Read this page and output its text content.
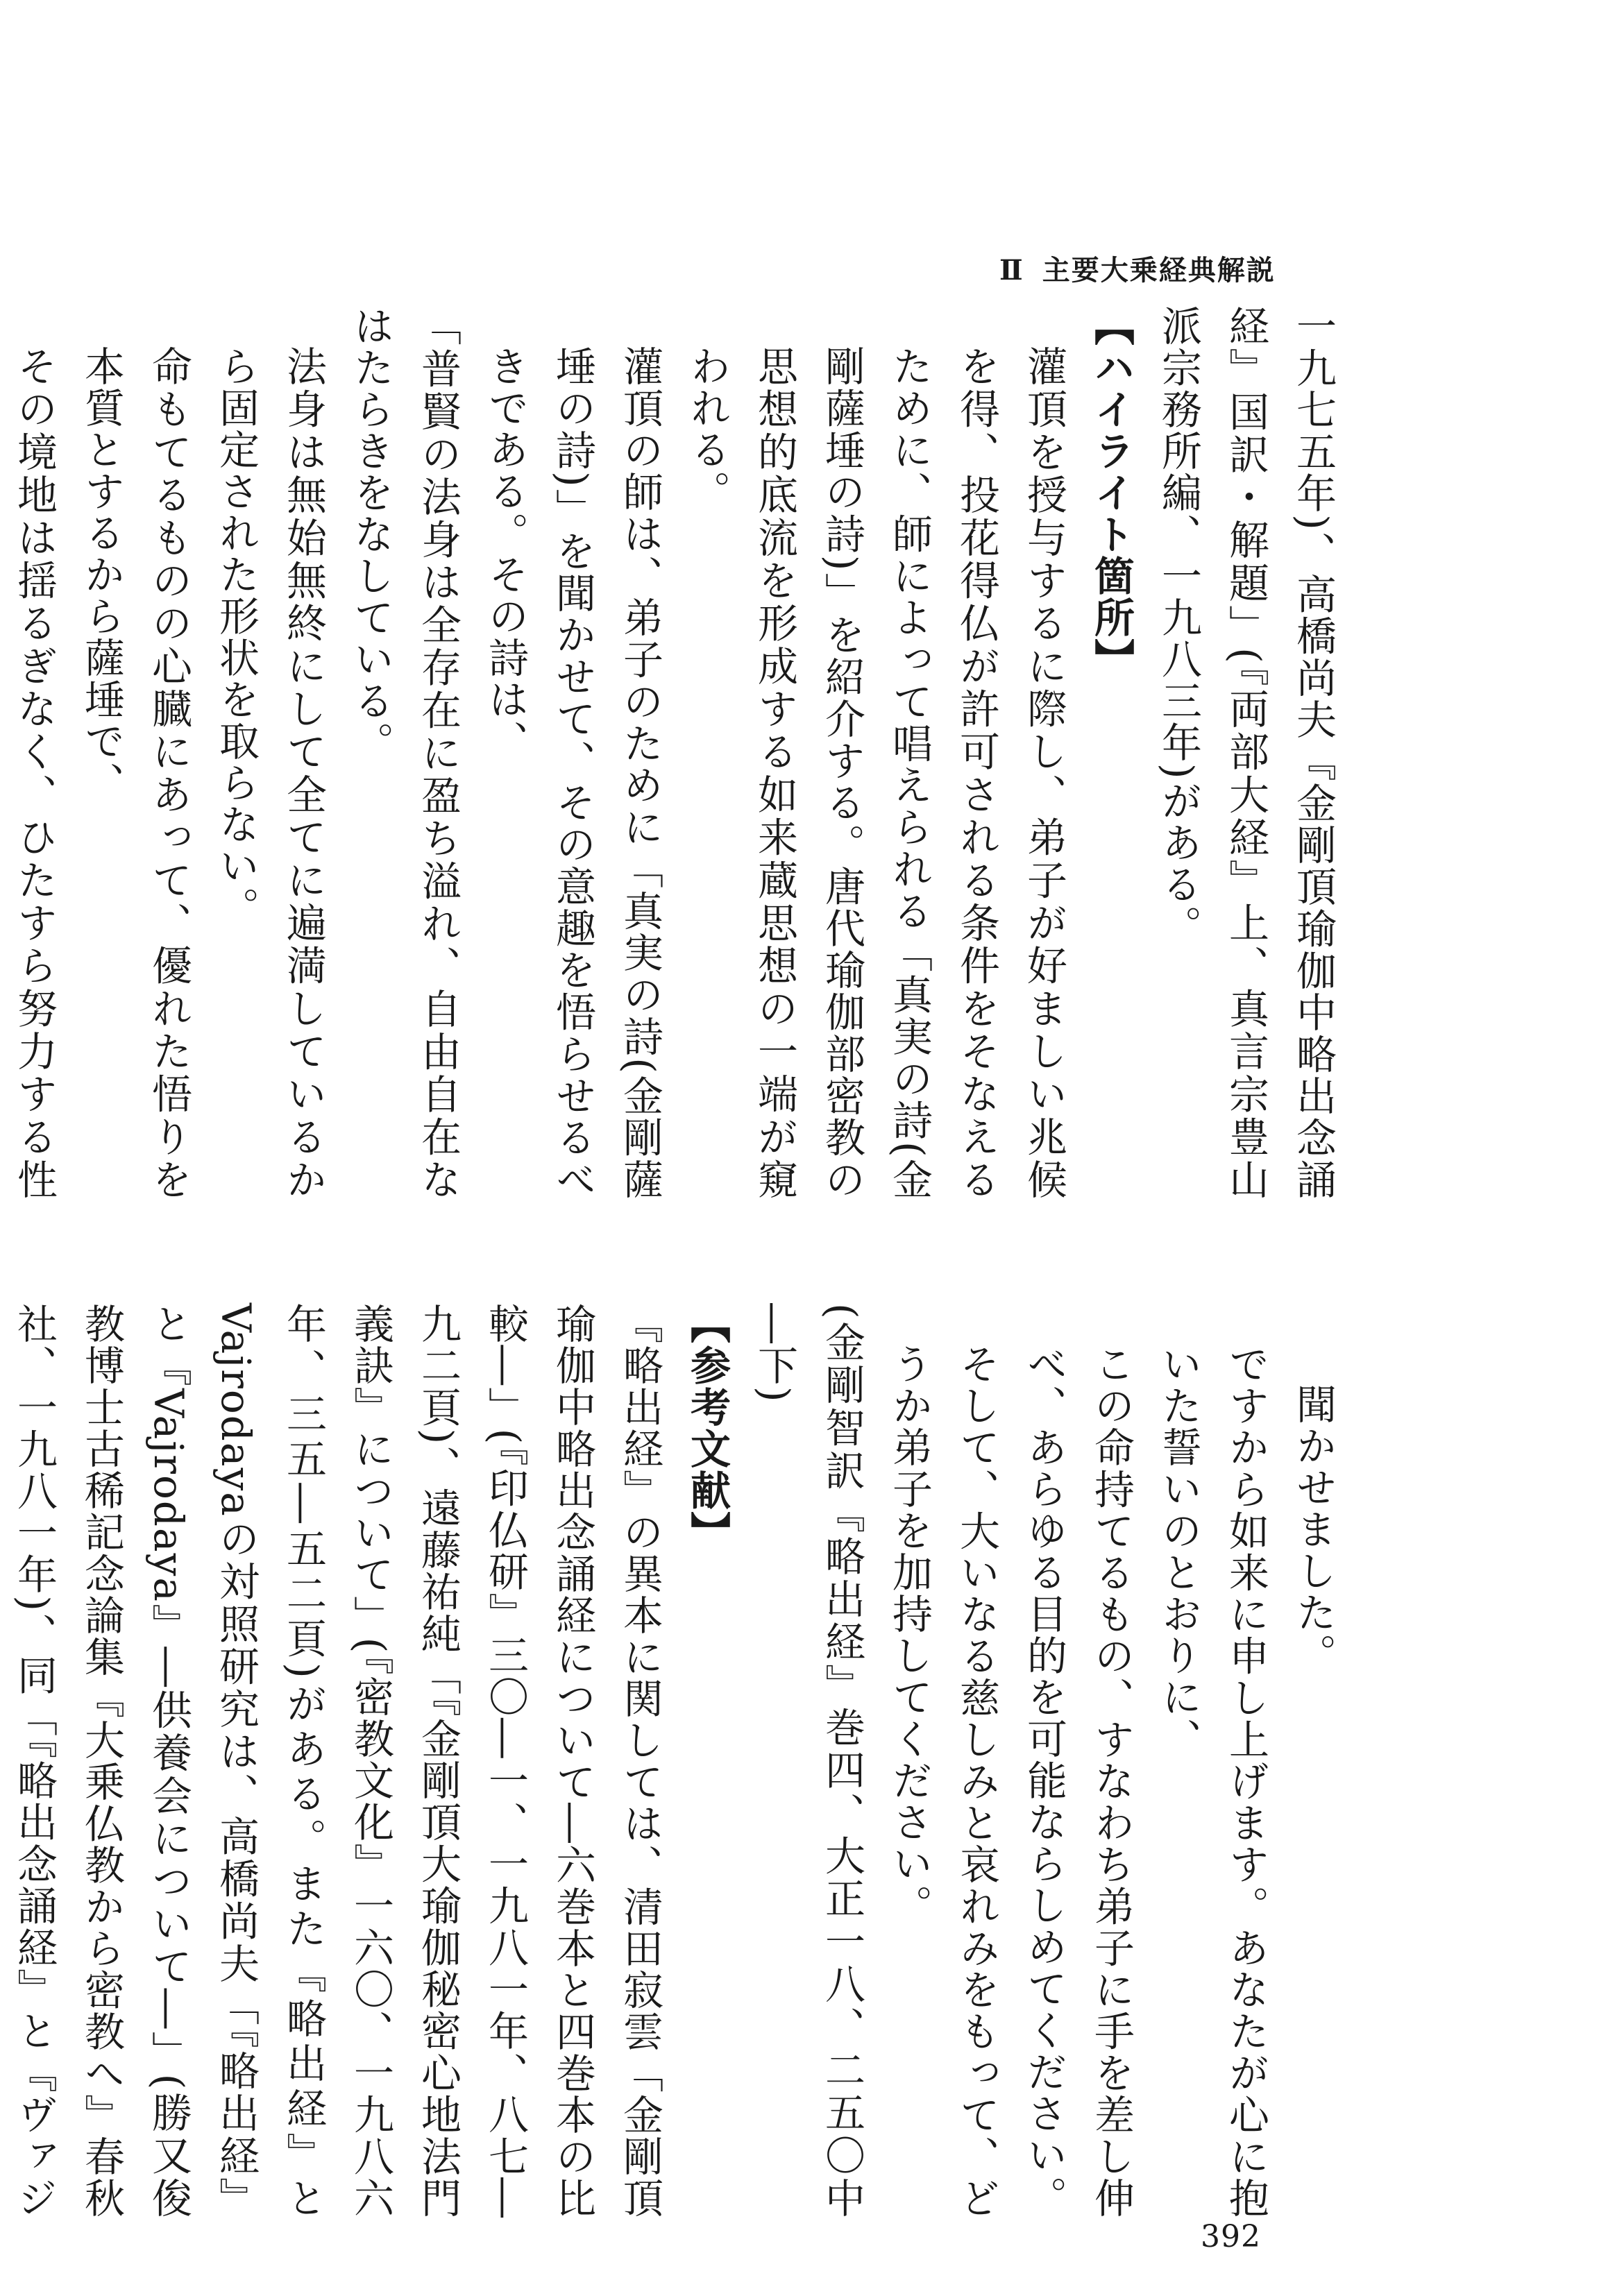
Ⅱ 主要大乗経典解説

一九七五年)、高橋尚夫『金剛頂瑜伽中略出念誦経』国訳・解題」(『両部大経』上、真言宗豊山派宗務所編、一九八三年)がある。

【ハイライト箇所】

灌頂を授与するに際し、弟子が好ましい兆候を得、投花得仏が許可される条件をそなえるために、師によって唱えられる「真実の詩(金剛薩埵の詩)」を紹介する。唐代瑜伽部密教の思想的底流を形成する如来蔵思想の一端が窺われる。

灌頂の師は、弟子のために「真実の詩(金剛薩埵の詩)」を聞かせて、その意趣を悟らせるべきである。その詩は、

「普賢の法身は全存在に盈ち溢れ、自由自在なはたらきをなしている。

法身は無始無終にして全てに遍満しているから固定された形状を取らない。

命もてるものの心臓にあって、優れた悟りを本質とするから薩埵で、

その境地は揺るぎなく、ひたすら努力する性

聞かせました。

ですから如来に申し上げます。あなたが心に抱いた誓いのとおりに、

この命持てるもの、すなわち弟子に手を差し伸べ、あらゆる目的を可能ならしめてください。

そして、大いなる慈しみと哀れみをもって、どうか弟子を加持してください。

(金剛智訳『略出経』巻四、大正一八、二五〇中―下)

【参考文献】

『略出経』の異本に関しては、清田寂雲「金剛頂瑜伽中略出念誦経について―六巻本と四巻本の比較―」(『印仏研』三〇―一、一九八一年、八七―九二頁)、遠藤祐純「『金剛頂大瑜伽秘密心地法門義訣』について」(『密教文化』一六〇、一九八六年、三五―五二頁)がある。また『略出経』とVajrodayaの対照研究は、高橋尚夫「『略出経』と『Vajrodaya』―供養会について―」(勝又俊教博士古稀記念論集『大乗仏教から密教へ』春秋社、一九八一年)、同「『略出念誦経』と『ヴァジ

392
